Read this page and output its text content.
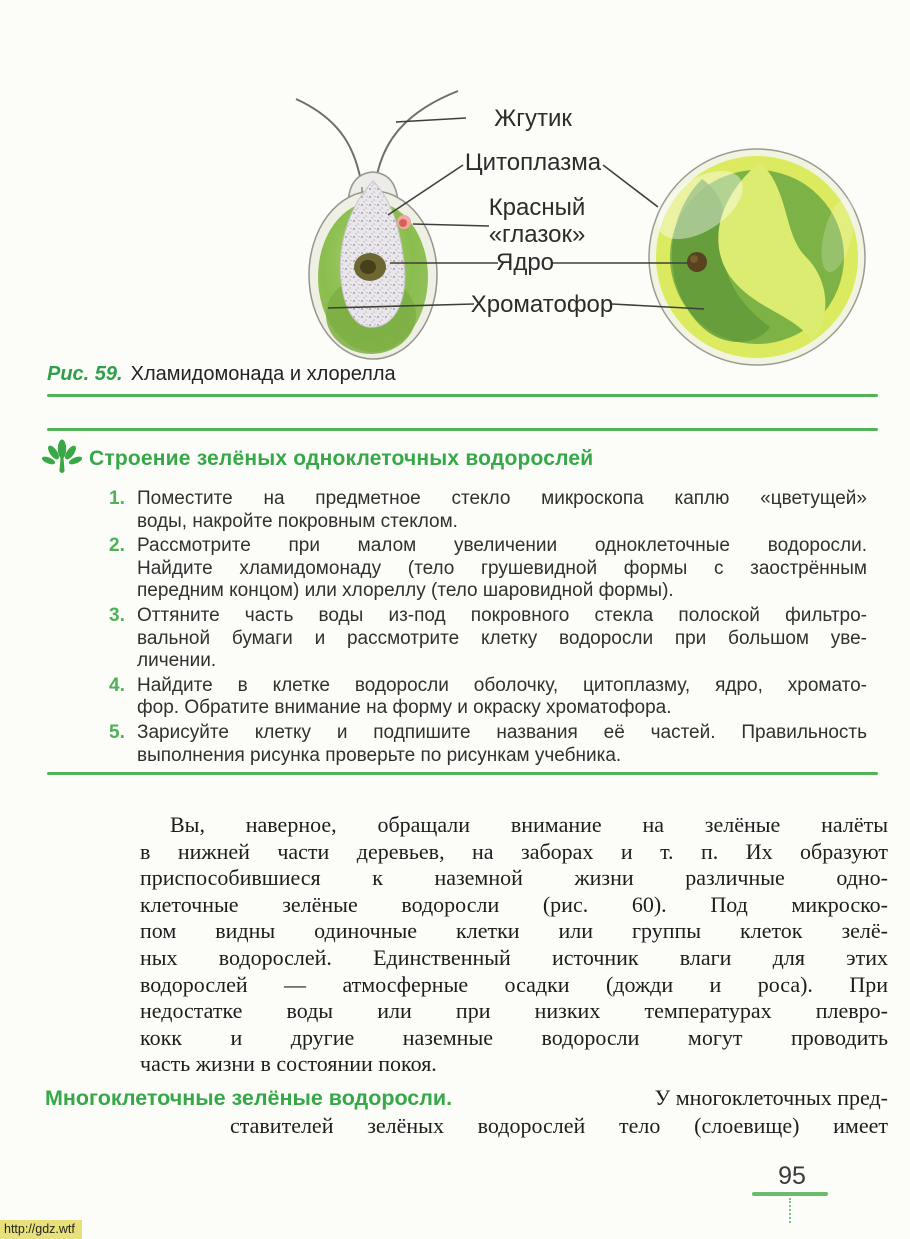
Жгутик
Цитоплазма
Красный
«глазок»
Ядро
Хроматофор
Рис. 59. Хламидомонада и хлорелла
Строение зелёных одноклеточных водорослей
1. Поместите на предметное стекло микроскопа каплю «цветущей»
воды, накройте покровным стеклом.
2. Рассмотрите при малом увеличении одноклеточные водоросли.
Найдите хламидомонаду (тело грушевидной формы с заострённым
передним концом) или хлореллу (тело шаровидной формы).
3. Оттяните часть воды из-под покровного стекла полоской фильтро-
вальной бумаги и рассмотрите клетку водоросли при большом уве-
личении.
4. Найдите в клетке водоросли оболочку, цитоплазму, ядро, хромато-
фор. Обратите внимание на форму и окраску хроматофора.
5. Зарисуйте клетку и подпишите названия её частей. Правильность
выполнения рисунка проверьте по рисункам учебника.
Вы, наверное, обращали внимание на зелёные налёты
в нижней части деревьев, на заборах и т. п. Их образуют
приспособившиеся к наземной жизни различные одно-
клеточные зелёные водоросли (рис. 60). Под микроско-
пом видны одиночные клетки или группы клеток зелё-
ных водорослей. Единственный источник влаги для этих
водорослей — атмосферные осадки (дожди и роса). При
недостатке воды или при низких температурах плевро-
кокк и другие наземные водоросли могут проводить
часть жизни в состоянии покоя.
Многоклеточные зелёные водоросли.	У многоклеточных пред-
ставителей зелёных водорослей тело (слоевище) имеет
95
http://gdz.wtf
